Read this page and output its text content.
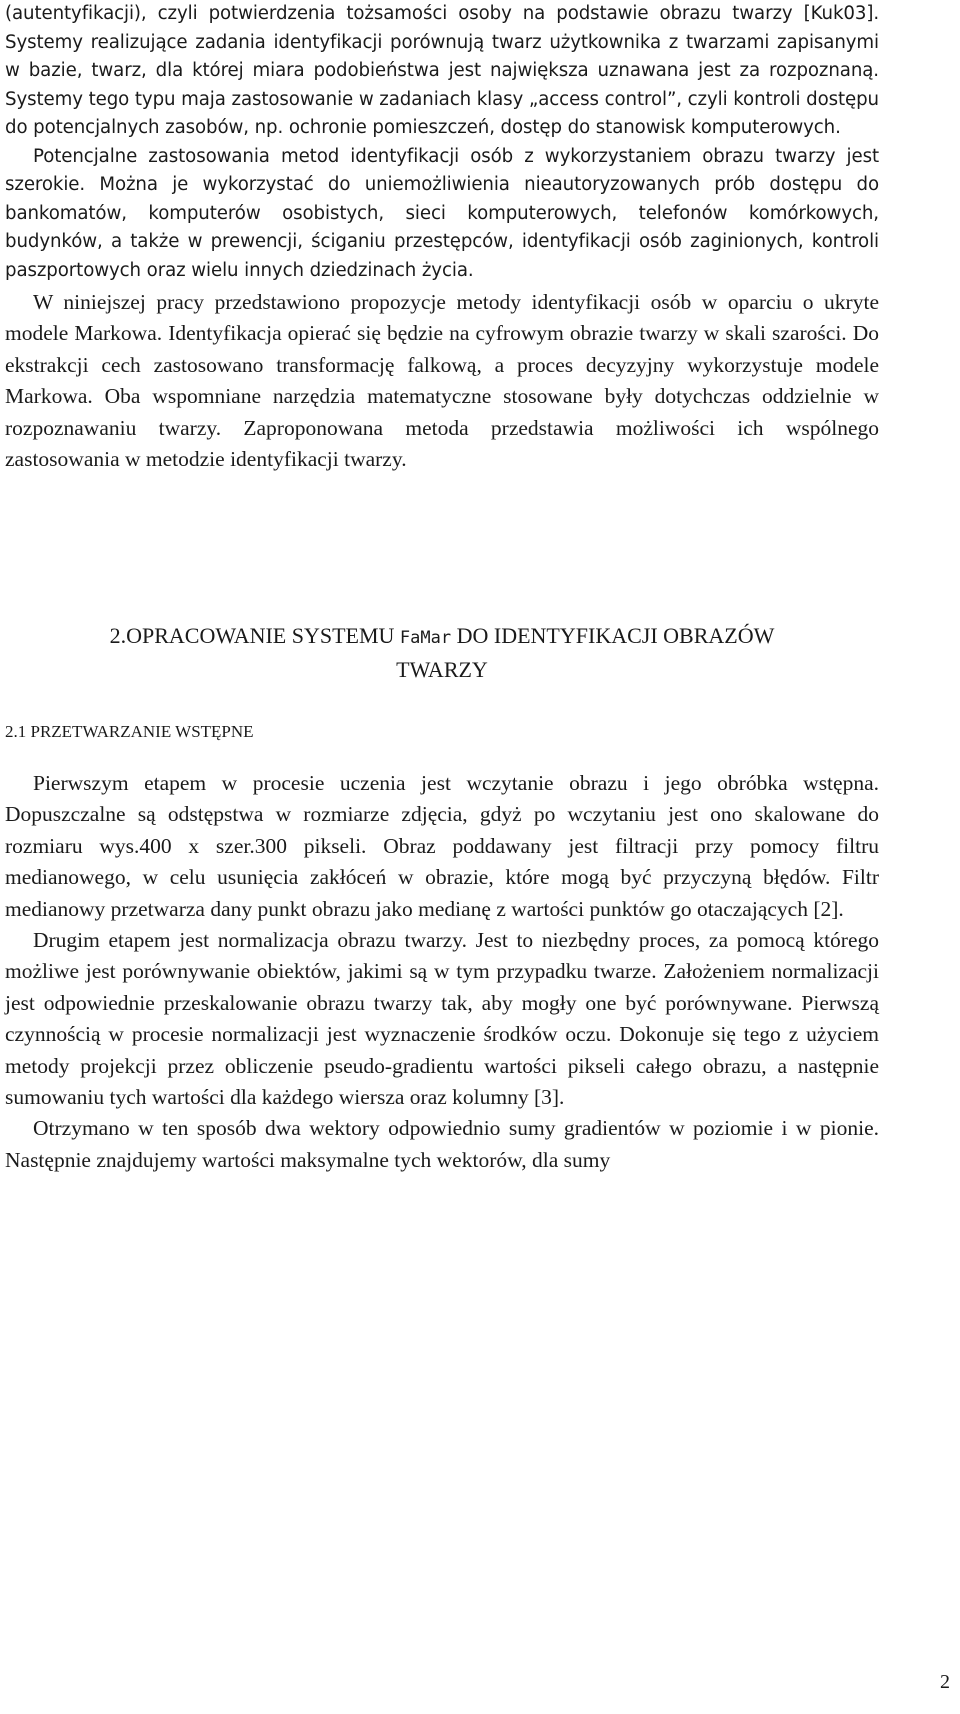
(autentyfikacji), czyli potwierdzenia tożsamości osoby na podstawie obrazu twarzy [Kuk03]. Systemy realizujące zadania identyfikacji porównują twarz użytkownika z twarzami zapisanymi w bazie, twarz, dla której miara podobieństwa jest największa uznawana jest za rozpoznaną. Systemy tego typu maja zastosowanie w zadaniach klasy „access control”, czyli kontroli dostępu do potencjalnych zasobów, np. ochronie pomieszczeń, dostęp do stanowisk komputerowych.

Potencjalne zastosowania metod identyfikacji osób z wykorzystaniem obrazu twarzy jest szerokie. Można je wykorzystać do uniemożliwienia nieautoryzowanych prób dostępu do bankomatów, komputerów osobistych, sieci komputerowych, telefonów komórkowych, budynków, a także w prewencji, ściganiu przestępców, identyfikacji osób zaginionych, kontroli paszportowych oraz wielu innych dziedzinach życia.

W niniejszej pracy przedstawiono propozycje metody identyfikacji osób w oparciu o ukryte modele Markowa. Identyfikacja opierać się będzie na cyfrowym obrazie twarzy w skali szarości. Do ekstrakcji cech zastosowano transformację falkową, a proces decyzyjny wykorzystuje modele Markowa. Oba wspomniane narzędzia matematyczne stosowane były dotychczas oddzielnie w rozpoznawaniu twarzy. Zaproponowana metoda przedstawia możliwości ich wspólnego zastosowania w metodzie identyfikacji twarzy.

2.OPRACOWANIE SYSTEMU FaMar DO IDENTYFIKACJI OBRAZÓW
TWARZY
2.1 PRZETWARZANIE WSTĘPNE

Pierwszym etapem w procesie uczenia jest wczytanie obrazu i jego obróbka wstępna. Dopuszczalne są odstępstwa w rozmiarze zdjęcia, gdyż po wczytaniu jest ono skalowane do rozmiaru wys.400 x szer.300 pikseli. Obraz poddawany jest filtracji przy pomocy filtru medianowego, w celu usunięcia zakłóceń w obrazie, które mogą być przyczyną błędów. Filtr medianowy przetwarza dany punkt obrazu jako medianę z wartości punktów go otaczających [2].

Drugim etapem jest normalizacja obrazu twarzy. Jest to niezbędny proces, za pomocą którego możliwe jest porównywanie obiektów, jakimi są w tym przypadku twarze. Założeniem normalizacji jest odpowiednie przeskalowanie obrazu twarzy tak, aby mogły one być porównywane. Pierwszą czynnością w procesie normalizacji jest wyznaczenie środków oczu. Dokonuje się tego z użyciem metody projekcji przez obliczenie pseudo-gradientu wartości pikseli całego obrazu, a następnie sumowaniu tych wartości dla każdego wiersza oraz kolumny [3].

Otrzymano w ten sposób dwa wektory odpowiednio sumy gradientów w poziomie i w pionie. Następnie znajdujemy wartości maksymalne tych wektorów, dla sumy

2
